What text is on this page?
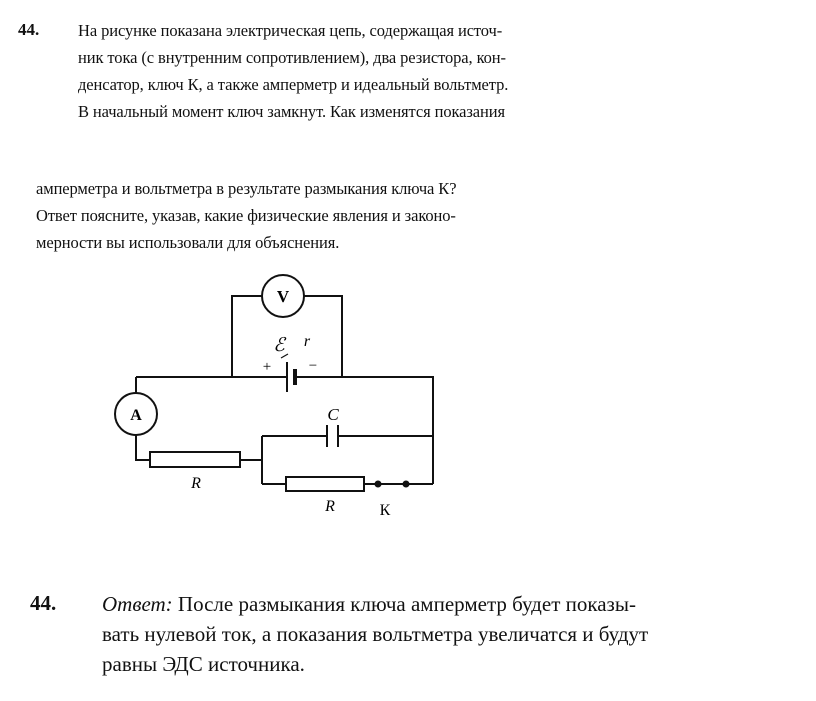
44. На рисунке показана электрическая цепь, содержащая источ-
ник тока (с внутренним сопротивлением), два резистора, кон-
денсатор, ключ К, а также амперметр и идеальный вольтметр.
В начальный момент ключ замкнут. Как изменятся показания
амперметра и вольтметра в результате размыкания ключа К?
Ответ поясните, указав, какие физические явления и законо-
мерности вы использовали для объяснения.
V
A
ℰ r
+	−
C
R
R	К
44. Ответ: После размыкания ключа амперметр будет показы-
вать нулевой ток, а показания вольтметра увеличатся и будут
равны ЭДС источника.
